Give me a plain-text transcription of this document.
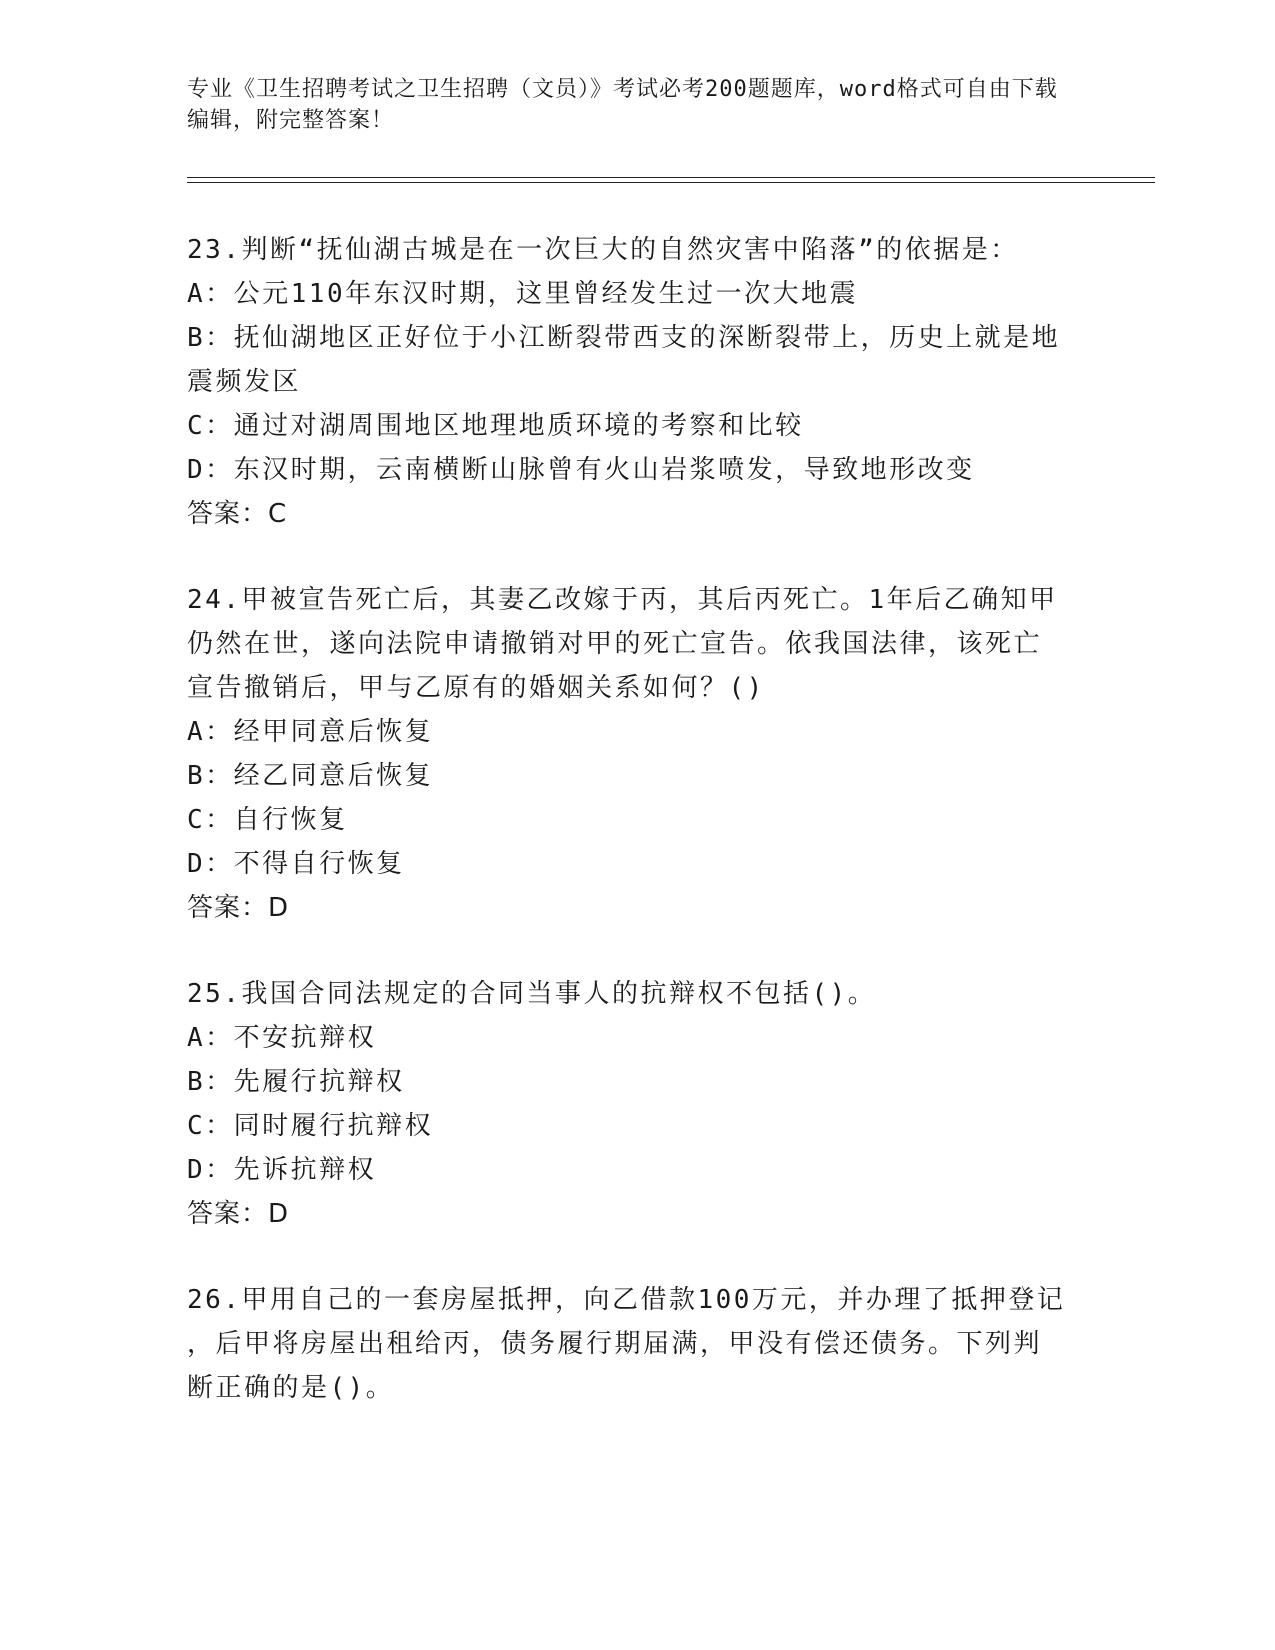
专业《卫生招聘考试之卫生招聘（文员）》考试必考200题题库，word格式可自由下载编辑，附完整答案！
23.判断“抚仙湖古城是在一次巨大的自然灾害中陷落”的依据是：
A：公元110年东汉时期，这里曾经发生过一次大地震
B：抚仙湖地区正好位于小江断裂带西支的深断裂带上，历史上就是地
震频发区
C：通过对湖周围地区地理地质环境的考察和比较
D：东汉时期，云南横断山脉曾有火山岩浆喷发，导致地形改变
答案：C
24.甲被宣告死亡后，其妻乙改嫁于丙，其后丙死亡。1年后乙确知甲
仍然在世，遂向法院申请撤销对甲的死亡宣告。依我国法律，该死亡
宣告撤销后，甲与乙原有的婚姻关系如何？()
A：经甲同意后恢复
B：经乙同意后恢复
C：自行恢复
D：不得自行恢复
答案：D
25.我国合同法规定的合同当事人的抗辩权不包括()。
A：不安抗辩权
B：先履行抗辩权
C：同时履行抗辩权
D：先诉抗辩权
答案：D
26.甲用自己的一套房屋抵押，向乙借款100万元，并办理了抵押登记
，后甲将房屋出租给丙，债务履行期届满，甲没有偿还债务。下列判
断正确的是()。
